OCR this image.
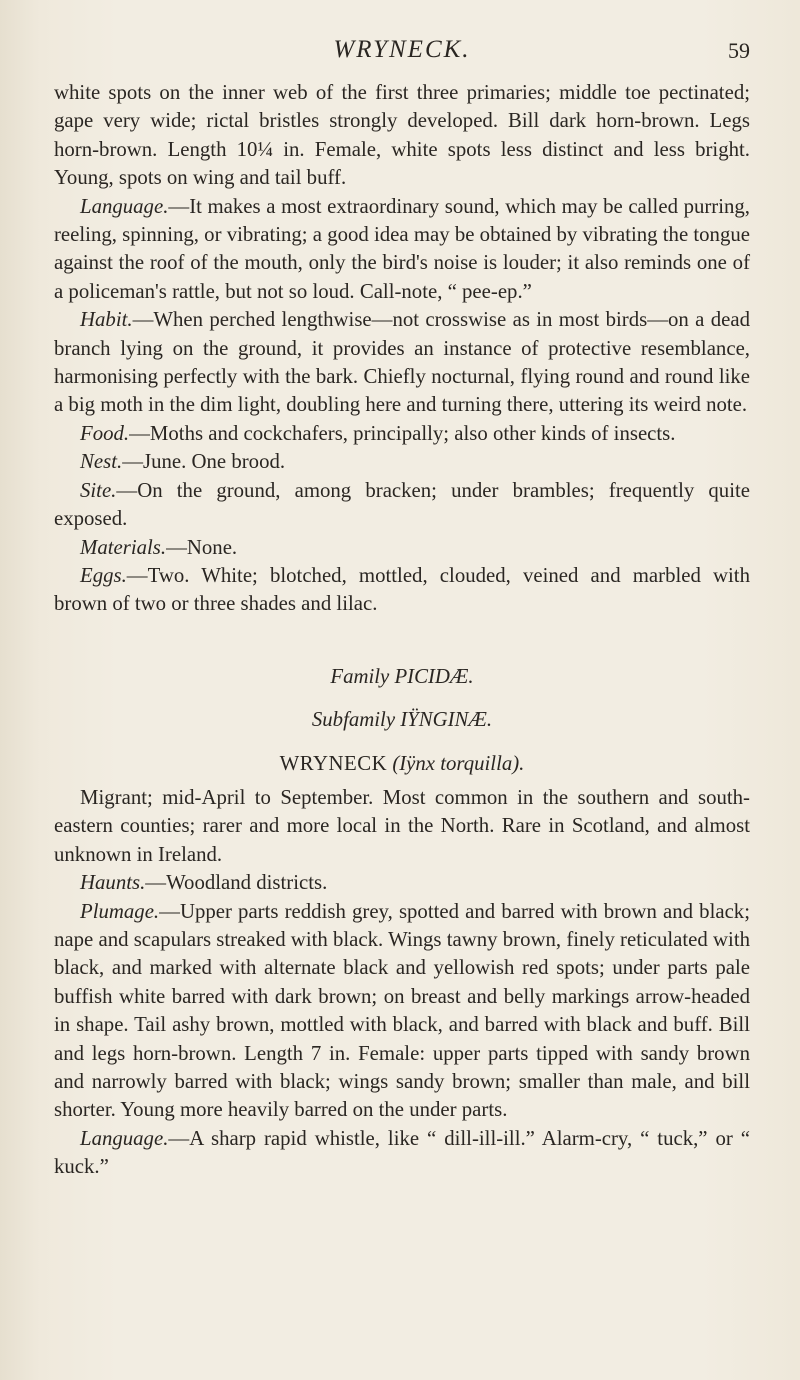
WRYNECK.	59

white spots on the inner web of the first three primaries; middle toe pectinated; gape very wide; rictal bristles strongly developed. Bill dark horn-brown. Legs horn-brown. Length 10¼ in. Female, white spots less distinct and less bright. Young, spots on wing and tail buff.

Language.—It makes a most extraordinary sound, which may be called purring, reeling, spinning, or vibrating; a good idea may be obtained by vibrating the tongue against the roof of the mouth, only the bird's noise is louder; it also reminds one of a policeman's rattle, but not so loud. Call-note, “ pee-ep.”

Habit.—When perched lengthwise—not crosswise as in most birds—on a dead branch lying on the ground, it provides an instance of protective resemblance, harmonising perfectly with the bark. Chiefly nocturnal, flying round and round like a big moth in the dim light, doubling here and turning there, uttering its weird note.

Food.—Moths and cockchafers, principally; also other kinds of insects.

Nest.—June. One brood.

Site.—On the ground, among bracken; under brambles; frequently quite exposed.

Materials.—None.

Eggs.—Two. White; blotched, mottled, clouded, veined and marbled with brown of two or three shades and lilac.

Family PICIDÆ.

Subfamily IŸNGINÆ.

WRYNECK (Iÿnx torquilla).

Migrant; mid-April to September. Most common in the southern and south-eastern counties; rarer and more local in the North. Rare in Scotland, and almost unknown in Ireland.

Haunts.—Woodland districts.

Plumage.—Upper parts reddish grey, spotted and barred with brown and black; nape and scapulars streaked with black. Wings tawny brown, finely reticulated with black, and marked with alternate black and yellowish red spots; under parts pale buffish white barred with dark brown; on breast and belly markings arrow-headed in shape. Tail ashy brown, mottled with black, and barred with black and buff. Bill and legs horn-brown. Length 7 in. Female: upper parts tipped with sandy brown and narrowly barred with black; wings sandy brown; smaller than male, and bill shorter. Young more heavily barred on the under parts.

Language.—A sharp rapid whistle, like “ dill-ill-ill.” Alarm-cry, “ tuck,” or “ kuck.”
